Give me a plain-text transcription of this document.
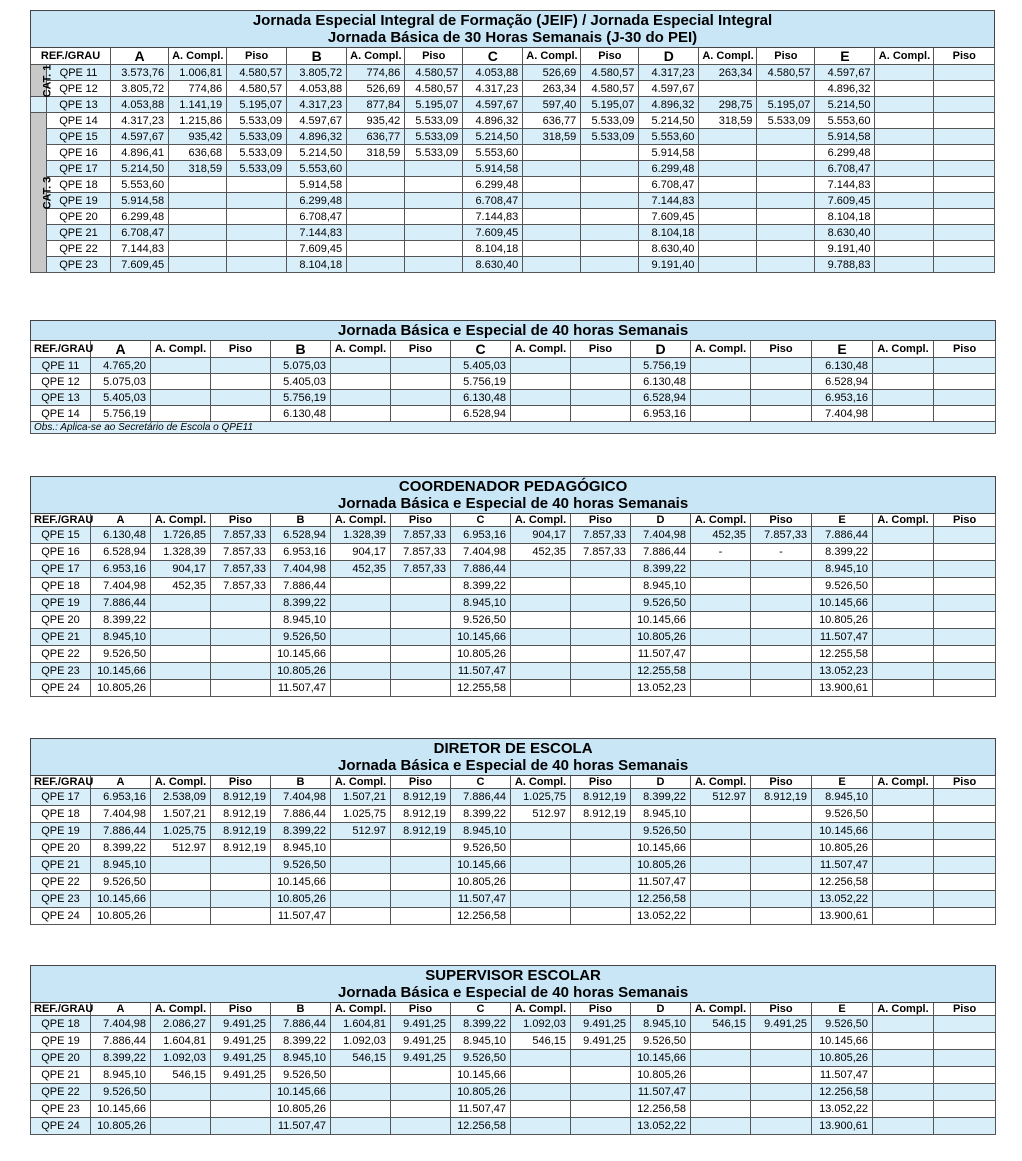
Jornada Especial Integral de Formação (JEIF) / Jornada Especial Integral
Jornada Básica de 30 Horas Semanais (J-30 do PEI)																

REF./GRAU		A	A. Compl.	Piso	B	A. Compl.	Piso	C	A. Compl.	Piso	D	A. Compl.	Piso	E	A. Compl.	Piso
CAT. 1	QPE 11	3.573,76	1.006,81	4.580,57	3.805,72	774,86	4.580,57	4.053,88	526,69	4.580,57	4.317,23	263,34	4.580,57	4.597,67		
	QPE 12	3.805,72	774,86	4.580,57	4.053,88	526,69	4.580,57	4.317,23	263,34	4.580,57	4.597,67			4.896,32		
	QPE 13	4.053,88	1.141,19	5.195,07	4.317,23	877,84	5.195,07	4.597,67	597,40	5.195,07	4.896,32	298,75	5.195,07	5.214,50		
CAT. 3	QPE 14	4.317,23	1.215,86	5.533,09	4.597,67	935,42	5.533,09	4.896,32	636,77	5.533,09	5.214,50	318,59	5.533,09	5.553,60		
	QPE 15	4.597,67	935,42	5.533,09	4.896,32	636,77	5.533,09	5.214,50	318,59	5.533,09	5.553,60			5.914,58		
	QPE 16	4.896,41	636,68	5.533,09	5.214,50	318,59	5.533,09	5.553,60			5.914,58			6.299,48		
	QPE 17	5.214,50	318,59	5.533,09	5.553,60			5.914,58			6.299,48			6.708,47		
	QPE 18	5.553,60			5.914,58			6.299,48			6.708,47			7.144,83		
	QPE 19	5.914,58			6.299,48			6.708,47			7.144,83			7.609,45		
	QPE 20	6.299,48			6.708,47			7.144,83			7.609,45			8.104,18		
	QPE 21	6.708,47			7.144,83			7.609,45			8.104,18			8.630,40		
	QPE 22	7.144,83			7.609,45			8.104,18			8.630,40			9.191,40		
	QPE 23	7.609,45			8.104,18			8.630,40			9.191,40			9.788,83		
Jornada Básica e Especial de 40 horas Semanais															

REF./GRAU	A	A. Compl.	Piso	B	A. Compl.	Piso	C	A. Compl.	Piso	D	A. Compl.	Piso	E	A. Compl.	Piso
QPE 11	4.765,20			5.075,03			5.405,03			5.756,19			6.130,48		
QPE 12	5.075,03			5.405,03			5.756,19			6.130,48			6.528,94		
QPE 13	5.405,03			5.756,19			6.130,48			6.528,94			6.953,16		
QPE 14	5.756,19			6.130,48			6.528,94			6.953,16			7.404,98		
Obs.: Aplica-se ao Secretário de Escola o QPE11															
COORDENADOR PEDAGÓGICO
Jornada Básica e Especial de 40 horas Semanais															

REF./GRAU	A	A. Compl.	Piso	B	A. Compl.	Piso	C	A. Compl.	Piso	D	A. Compl.	Piso	E	A. Compl.	Piso
QPE 15	6.130,48	1.726,85	7.857,33	6.528,94	1.328,39	7.857,33	6.953,16	904,17	7.857,33	7.404,98	452,35	7.857,33	7.886,44		
QPE 16	6.528,94	1.328,39	7.857,33	6.953,16	904,17	7.857,33	7.404,98	452,35	7.857,33	7.886,44	-	-	8.399,22		
QPE 17	6.953,16	904,17	7.857,33	7.404,98	452,35	7.857,33	7.886,44			8.399,22			8.945,10		
QPE 18	7.404,98	452,35	7.857,33	7.886,44			8.399,22			8.945,10			9.526,50		
QPE 19	7.886,44			8.399,22			8.945,10			9.526,50			10.145,66		
QPE 20	8.399,22			8.945,10			9.526,50			10.145,66			10.805,26		
QPE 21	8.945,10			9.526,50			10.145,66			10.805,26			11.507,47		
QPE 22	9.526,50			10.145,66			10.805,26			11.507,47			12.255,58		
QPE 23	10.145,66			10.805,26			11.507,47			12.255,58			13.052,23		
QPE 24	10.805,26			11.507,47			12.255,58			13.052,23			13.900,61		
DIRETOR DE ESCOLA
Jornada Básica e Especial de 40 horas Semanais															

REF./GRAU	A	A. Compl.	Piso	B	A. Compl.	Piso	C	A. Compl.	Piso	D	A. Compl.	Piso	E	A. Compl.	Piso
QPE 17	6.953,16	2.538,09	8.912,19	7.404,98	1.507,21	8.912,19	7.886,44	1.025,75	8.912,19	8.399,22	512.97	8.912,19	8.945,10		
QPE 18	7.404,98	1.507,21	8.912,19	7.886,44	1.025,75	8.912,19	8.399,22	512.97	8.912,19	8.945,10			9.526,50		
QPE 19	7.886,44	1.025,75	8.912,19	8.399,22	512.97	8.912,19	8.945,10			9.526,50			10.145,66		
QPE 20	8.399,22	512.97	8.912,19	8.945,10			9.526,50			10.145,66			10.805,26		
QPE 21	8.945,10			9.526,50			10.145,66			10.805,26			11.507,47		
QPE 22	9.526,50			10.145,66			10.805,26			11.507,47			12.256,58		
QPE 23	10.145,66			10.805,26			11.507,47			12.256,58			13.052,22		
QPE 24	10.805,26			11.507,47			12.256,58			13.052,22			13.900,61		
SUPERVISOR ESCOLAR
Jornada Básica e Especial de 40 horas Semanais															

REF./GRAU	A	A. Compl.	Piso	B	A. Compl.	Piso	C	A. Compl.	Piso	D	A. Compl.	Piso	E	A. Compl.	Piso
QPE 18	7.404,98	2.086,27	9.491,25	7.886,44	1.604,81	9.491,25	8.399,22	1.092,03	9.491,25	8.945,10	546,15	9.491,25	9.526,50		
QPE 19	7.886,44	1.604,81	9.491,25	8.399,22	1.092,03	9.491,25	8.945,10	546,15	9.491,25	9.526,50			10.145,66		
QPE 20	8.399,22	1.092,03	9.491,25	8.945,10	546,15	9.491,25	9.526,50			10.145,66			10.805,26		
QPE 21	8.945,10	546,15	9.491,25	9.526,50			10.145,66			10.805,26			11.507,47		
QPE 22	9.526,50			10.145,66			10.805,26			11.507,47			12.256,58		
QPE 23	10.145,66			10.805,26			11.507,47			12.256,58			13.052,22		
QPE 24	10.805,26			11.507,47			12.256,58			13.052,22			13.900,61		
